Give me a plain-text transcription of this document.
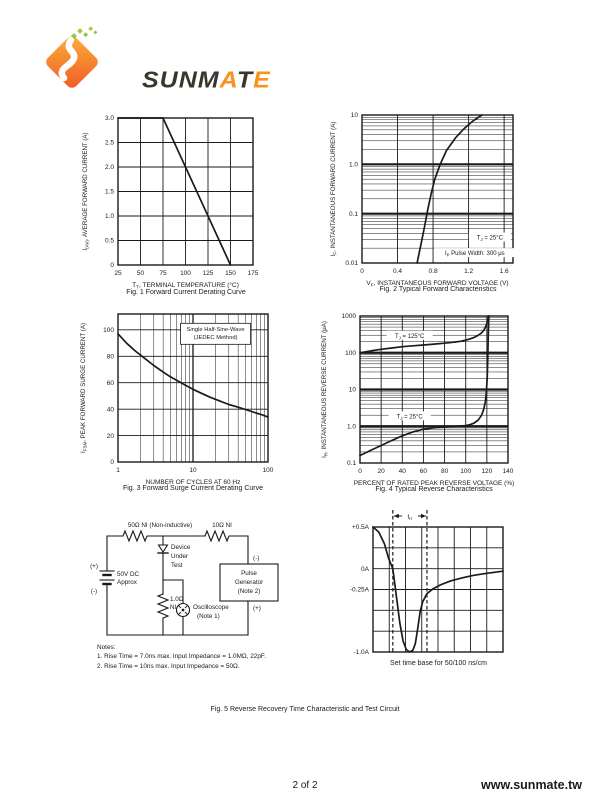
SUNMATE
25 50 75 100 125 150 175
0
0.5
1.0
1.5
2.0
2.5
3.0
$I_{(AV)}$, AVERAGE FORWARD CURRENT (A)
$T_T$, TERMINAL TEMPERATURE (°C)
Fig. 1 Forward Current Derating Curve
0	0.4	0.8	1.2	1.6
0.01
0.1
1.0
10
$I_F$, INSTANTANEOUS FORWARD CURRENT (A)
$V_F$, INSTANTANEOUS FORWARD VOLTAGE (V)
$T_J = 25^\circ C$
$I_P$ Pulse Width: 300 μs
Fig. 2 Typical Forward Characteristics
1	10	100
0
20
40
60
80
100
$I_{FSM}$, PEAK FORWARD SURGE CURRENT (A)
NUMBER OF CYCLES AT 60 Hz
Single Half-Sine-Wave
(JEDEC Method)
Fig. 3 Forward Surge Current Derating Curve
0 20 40 60 80 100 120 140
0.1
1.0
10
100
1000
$I_R$, INSTANTANEOUS REVERSE CURRENT (μA)
PERCENT OF RATED PEAK REVERSE VOLTAGE (%)
$T_J = 125^\circ C$
$T_J = 25^\circ C$
Fig. 4 Typical Reverse Characteristics
50Ω NI (Non-inductive)	10Ω NI
Device
Under
Test
(+)
(-)
50V DC
Approx
(-)
(+)
Pulse
Generator
(Note 2)
1.0Ω
NI	Oscilloscope
(Note 1)
Notes:
1. Rise Time = 7.0ns max. Input Impedance = 1.0MΩ, 22pF.
2. Rise Time = 10ns max. Input Impedance = 50Ω.
$t_{rr}$
+0.5A
0A
-0.25A
-1.0A
Set time base for 50/100 ns/cm
Fig. 5 Reverse Recovery Time Characteristic and Test Circuit
2 of 2	www.sunmate.tw
